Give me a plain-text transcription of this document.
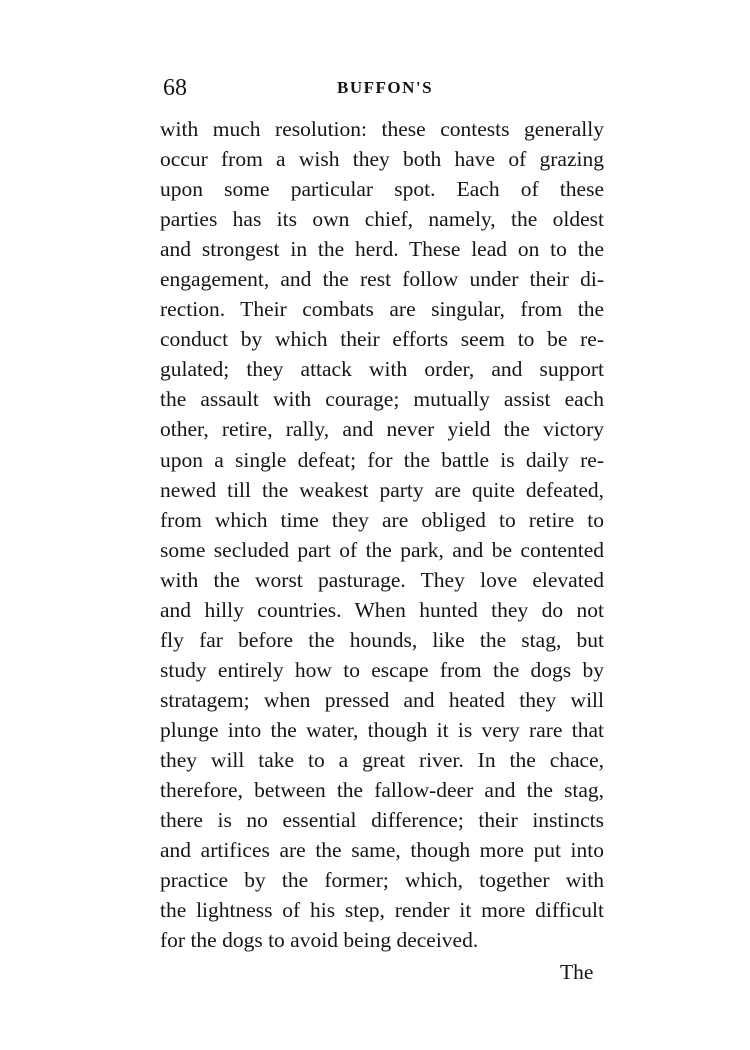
68	BUFFON'S
with much resolution: these contests generally
occur from a wish they both have of grazing
upon some particular spot. Each of these
parties has its own chief, namely, the oldest
and strongest in the herd. These lead on to the
engagement, and the rest follow under their di-
rection. Their combats are singular, from the
conduct by which their efforts seem to be re-
gulated; they attack with order, and support
the assault with courage; mutually assist each
other, retire, rally, and never yield the victory
upon a single defeat; for the battle is daily re-
newed till the weakest party are quite defeated,
from which time they are obliged to retire to
some secluded part of the park, and be contented
with the worst pasturage. They love elevated
and hilly countries. When hunted they do not
fly far before the hounds, like the stag, but
study entirely how to escape from the dogs by
stratagem; when pressed and heated they will
plunge into the water, though it is very rare that
they will take to a great river. In the chace,
therefore, between the fallow-deer and the stag,
there is no essential difference; their instincts
and artifices are the same, though more put into
practice by the former; which, together with
the lightness of his step, render it more difficult
for the dogs to avoid being deceived.
The
